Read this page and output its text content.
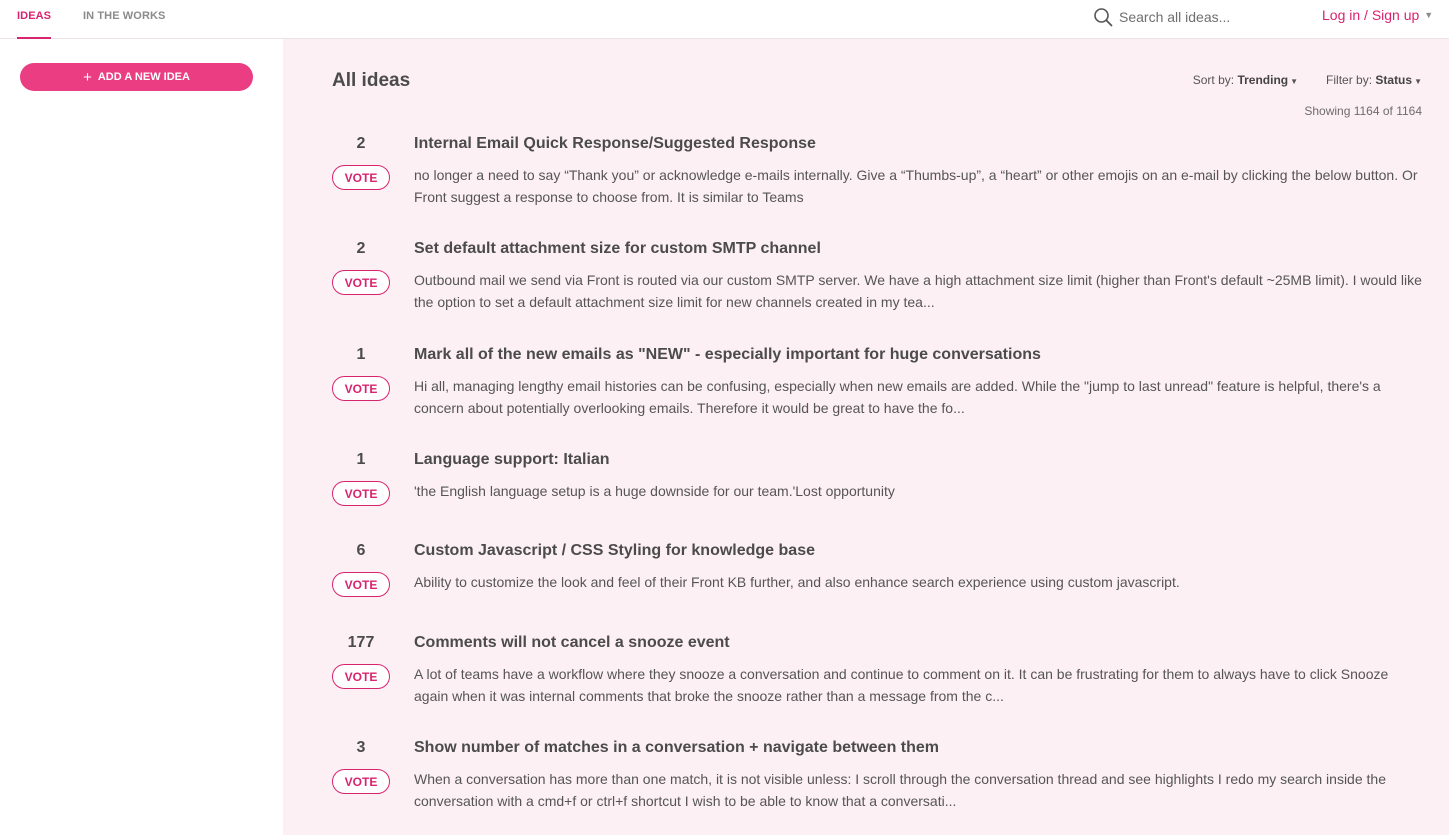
IDEAS	IN THE WORKS
Search all ideas...	Log in / Sign up ▼
+ ADD A NEW IDEA	All ideas	Sort by: Trending ▼ Filter by: Status ▼
Showing 1164 of 1164
2
VOTE
Internal Email Quick Response/Suggested Response
no longer a need to say “Thank you” or acknowledge e-mails internally. Give a “Thumbs-up”, a “heart” or other emojis on an e-mail by clicking the below button. Or Front suggest a response to choose from. It is similar to Teams
2
VOTE
Set default attachment size for custom SMTP channel
Outbound mail we send via Front is routed via our custom SMTP server. We have a high attachment size limit (higher than Front's default ~25MB limit). I would like the option to set a default attachment size limit for new channels created in my tea...
1
VOTE
Mark all of the new emails as "NEW" - especially important for huge conversations
Hi all, managing lengthy email histories can be confusing, especially when new emails are added. While the "jump to last unread" feature is helpful, there's a concern about potentially overlooking emails. Therefore it would be great to have the fo...
1
VOTE
Language support: Italian
'the English language setup is a huge downside for our team.'Lost opportunity
6
VOTE
Custom Javascript / CSS Styling for knowledge base
Ability to customize the look and feel of their Front KB further, and also enhance search experience using custom javascript.
177
VOTE
Comments will not cancel a snooze event
A lot of teams have a workflow where they snooze a conversation and continue to comment on it. It can be frustrating for them to always have to click Snooze again when it was internal comments that broke the snooze rather than a message from the c...
3
VOTE
Show number of matches in a conversation + navigate between them
When a conversation has more than one match, it is not visible unless: I scroll through the conversation thread and see highlights I redo my search inside the conversation with a cmd+f or ctrl+f shortcut I wish to be able to know that a conversati...
